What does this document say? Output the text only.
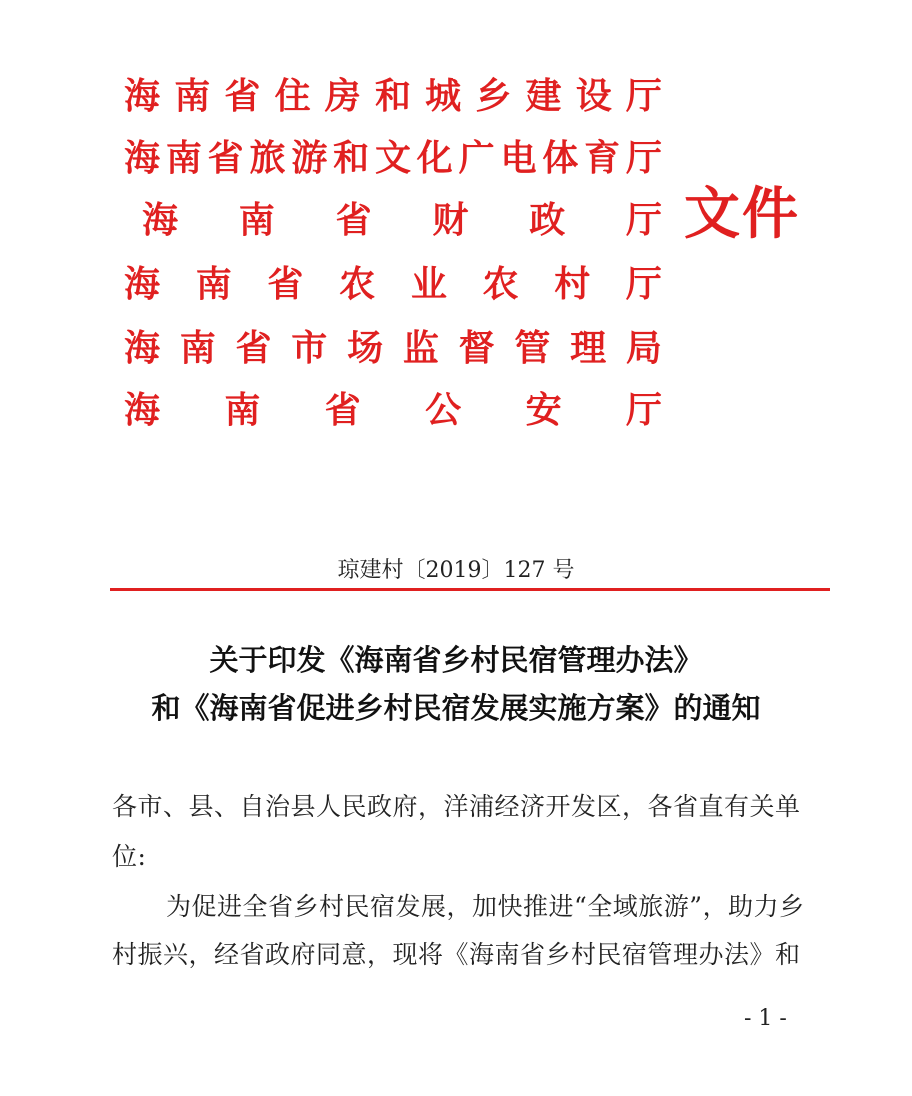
海 南 省 住 房 和 城 乡 建 设 厅
海 南 省 旅 游 和 文 化 广 电 体 育 厅
海 南 省 财 政 厅
海 南 省 农 业 农 村 厅
海 南 省 市 场 监 督 管 理 局
海 南 省 公 安 厅
文件
琼建村〔2019〕127 号
关于印发《海南省乡村民宿管理办法》
和《海南省促进乡村民宿发展实施方案》的通知
各市、县、自治县人民政府，洋浦经济开发区，各省直有关单
位:
为促进全省乡村民宿发展，加快推进“全域旅游”，助力乡
村振兴，经省政府同意，现将《海南省乡村民宿管理办法》和
- 1 -
